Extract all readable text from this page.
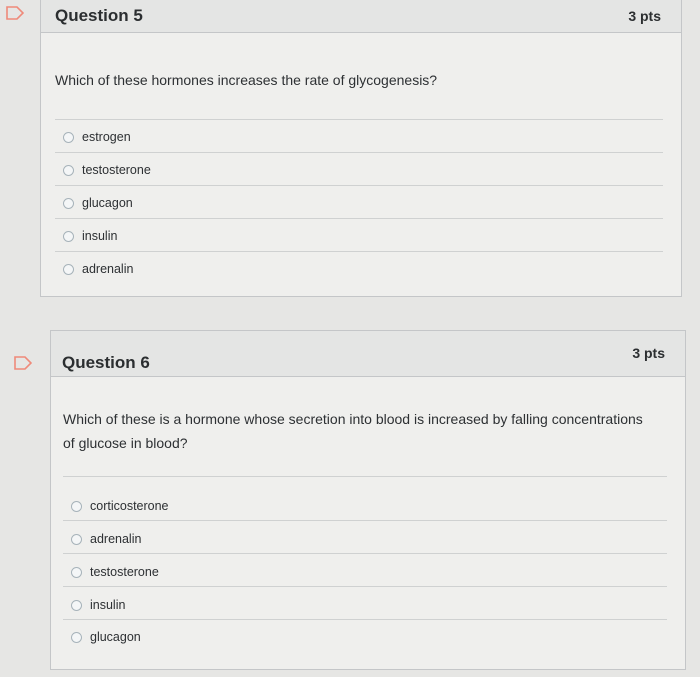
Question 5	3 pts
Which of these hormones increases the rate of glycogenesis?
estrogen
testosterone
glucagon
insulin
adrenalin
Question 6	3 pts
Which of these is a hormone whose secretion into blood is increased by falling concentrations of glucose in blood?
corticosterone
adrenalin
testosterone
insulin
glucagon
